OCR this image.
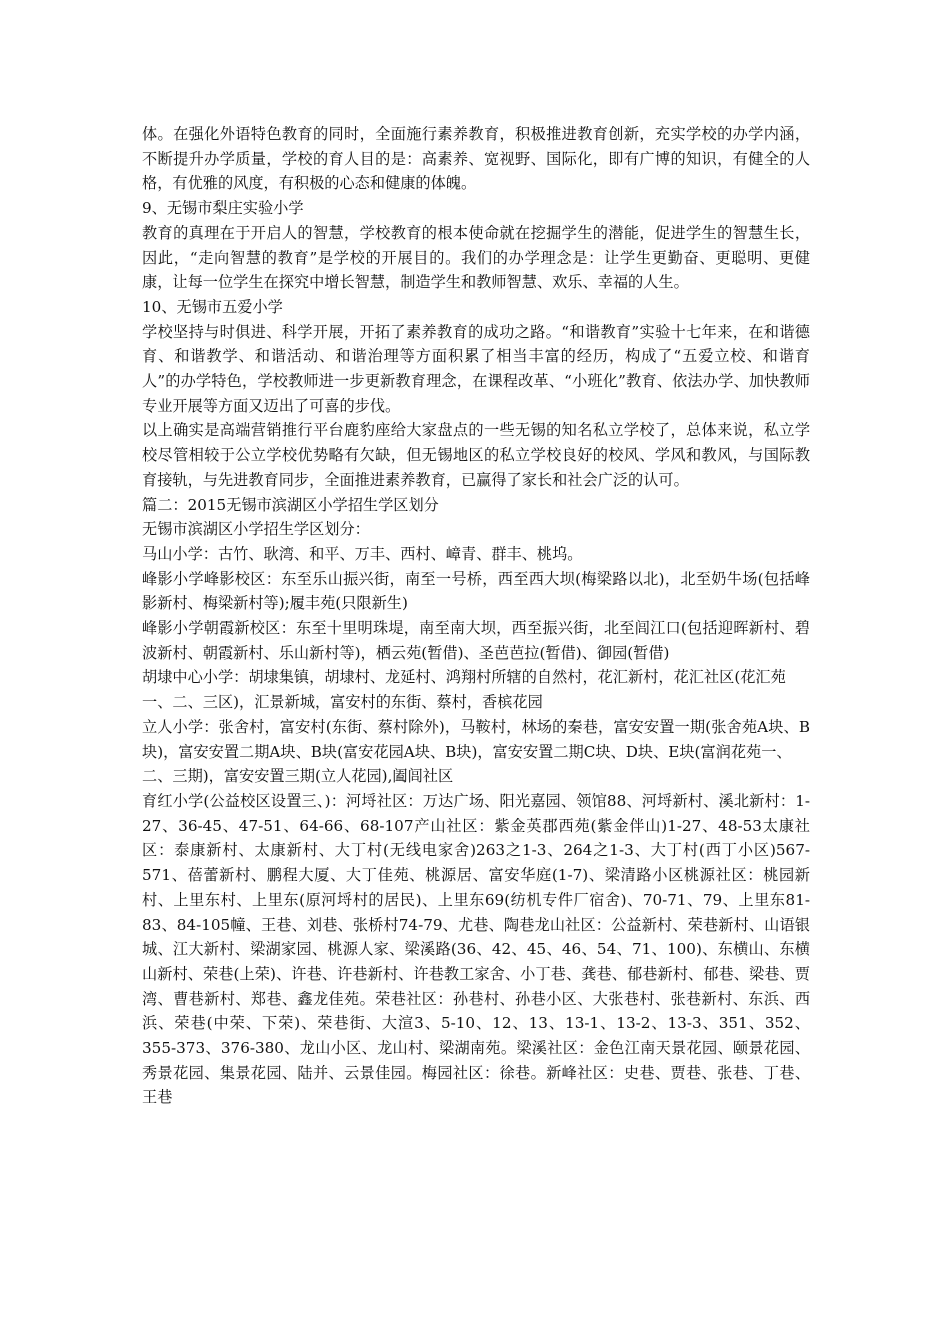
体。在强化外语特色教育的同时，全面施行素养教育，积极推进教育创新，充实学校的办学内涵，不断提升办学质量，学校的育人目的是：高素养、宽视野、国际化，即有广博的知识，有健全的人格，有优雅的风度，有积极的心态和健康的体魄。

9、无锡市梨庄实验小学

教育的真理在于开启人的智慧，学校教育的根本使命就在挖掘学生的潜能，促进学生的智慧生长，因此，“走向智慧的教育”是学校的开展目的。我们的办学理念是：让学生更勤奋、更聪明、更健康，让每一位学生在探究中增长智慧，制造学生和教师智慧、欢乐、幸福的人生。

10、无锡市五爱小学

学校坚持与时俱进、科学开展，开拓了素养教育的成功之路。“和谐教育”实验十七年来，在和谐德育、和谐教学、和谐活动、和谐治理等方面积累了相当丰富的经历，构成了“五爱立校、和谐育人”的办学特色，学校教师进一步更新教育理念，在课程改革、“小班化”教育、依法办学、加快教师专业开展等方面又迈出了可喜的步伐。

以上确实是高端营销推行平台鹿豹座给大家盘点的一些无锡的知名私立学校了，总体来说，私立学校尽管相较于公立学校优势略有欠缺，但无锡地区的私立学校良好的校风、学风和教风，与国际教育接轨，与先进教育同步，全面推进素养教育，已赢得了家长和社会广泛的认可。

篇二：2015无锡市滨湖区小学招生学区划分

无锡市滨湖区小学招生学区划分：

马山小学：古竹、耿湾、和平、万丰、西村、嶂青、群丰、桃坞。

峰影小学峰影校区：东至乐山振兴街，南至一号桥，西至西大坝(梅梁路以北)，北至奶牛场(包括峰影新村、梅梁新村等);履丰苑(只限新生)

峰影小学朝霞新校区：东至十里明珠堤，南至南大坝，西至振兴街，北至闾江口(包括迎晖新村、碧波新村、朝霞新村、乐山新村等)，栖云苑(暂借)、圣芭芭拉(暂借)、御园(暂借)

胡埭中心小学：胡埭集镇，胡埭村、龙延村、鸿翔村所辖的自然村，花汇新村，花汇社区(花汇苑

一、二、三区)，汇景新城，富安村的东街、蔡村，香槟花园

立人小学：张舍村，富安村(东街、蔡村除外)，马鞍村，林场的秦巷，富安安置一期(张舍苑A块、B块)，富安安置二期A块、B块(富安花园A块、B块)，富安安置二期C块、D块、E块(富润花苑一、

二、三期)，富安安置三期(立人花园),阖闾社区

育红小学(公益校区设置三、)：河埒社区：万达广场、阳光嘉园、领馆88、河埒新村、溪北新村：1-27、36-45、47-51、64-66、68-107产山社区：紫金英郡西苑(紫金伴山)1-27、48-53太康社区：泰康新村、太康新村、大丁村(无线电家舍)263之1-3、264之1-3、大丁村(西丁小区)567-571、蓓蕾新村、鹏程大厦、大丁佳苑、桃源居、富安华庭(1-7)、梁清路小区桃源社区：桃园新村、上里东村、上里东(原河埒村的居民)、上里东69(纺机专件厂宿舍)、70-71、79、上里东81-83、84-105幢、王巷、刘巷、张桥村74-79、尤巷、陶巷龙山社区：公益新村、荣巷新村、山语银城、江大新村、梁湖家园、桃源人家、梁溪路(36、42、45、46、54、71、100)、东横山、东横山新村、荣巷(上荣)、许巷、许巷新村、许巷教工家舍、小丁巷、龚巷、郁巷新村、郁巷、梁巷、贾湾、曹巷新村、郑巷、鑫龙佳苑。荣巷社区：孙巷村、孙巷小区、大张巷村、张巷新村、东浜、西浜、荣巷(中荣、下荣)、荣巷街、大渲3、5-10、12、13、13-1、13-2、13-3、351、352、355-373、376-380、龙山小区、龙山村、梁湖南苑。梁溪社区：金色江南天景花园、颐景花园、秀景花园、集景花园、陆并、云景佳园。梅园社区：徐巷。新峰社区：史巷、贾巷、张巷、丁巷、王巷
